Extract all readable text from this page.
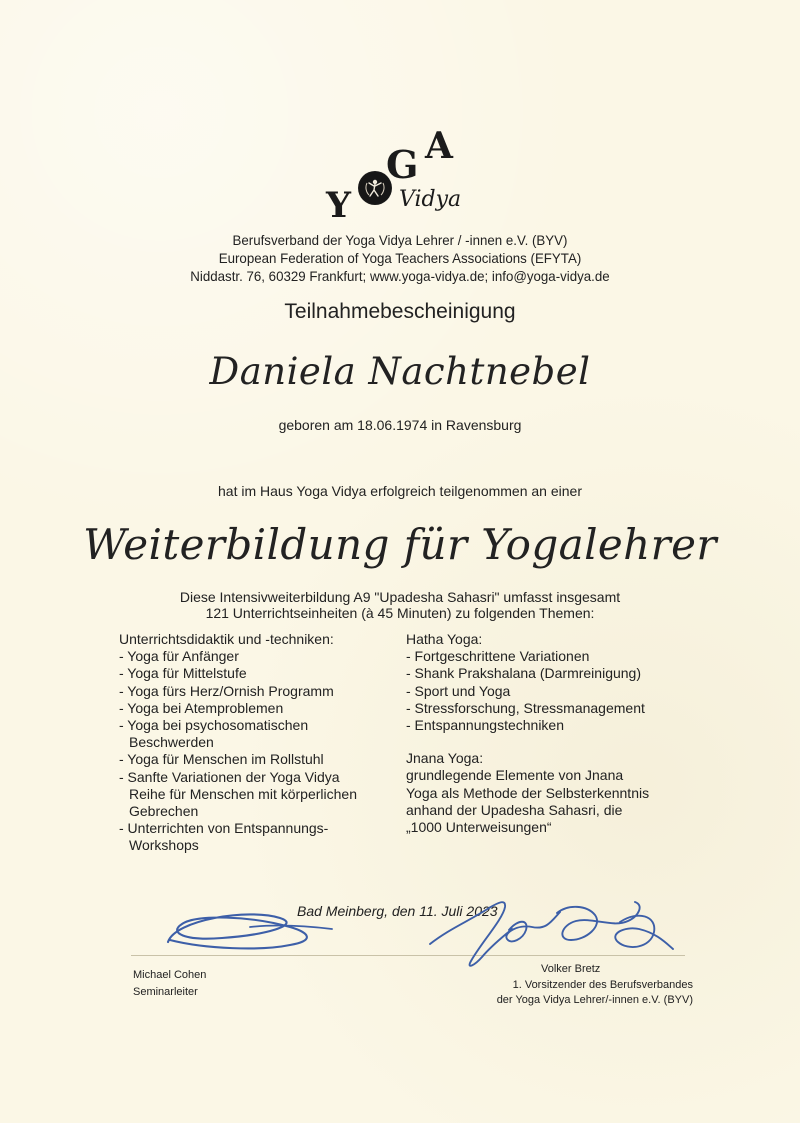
Y
G A
Vidya
Berufsverband der Yoga Vidya Lehrer / -innen e.V. (BYV)
European Federation of Yoga Teachers Associations (EFYTA)
Niddastr. 76, 60329 Frankfurt; www.yoga-vidya.de; info@yoga-vidya.de
Teilnahmebescheinigung
Daniela Nachtnebel
geboren am 18.06.1974 in Ravensburg
hat im Haus Yoga Vidya erfolgreich teilgenommen an einer
Weiterbildung für Yogalehrer
Diese Intensivweiterbildung A9 "Upadesha Sahasri" umfasst insgesamt
121 Unterrichtseinheiten (à 45 Minuten) zu folgenden Themen:
Unterrichtsdidaktik und -techniken:
- Yoga für Anfänger
- Yoga für Mittelstufe
- Yoga fürs Herz/Ornish Programm
- Yoga bei Atemproblemen
- Yoga bei psychosomatischen
Beschwerden
- Yoga für Menschen im Rollstuhl
- Sanfte Variationen der Yoga Vidya
Reihe für Menschen mit körperlichen
Gebrechen
- Unterrichten von Entspannungs-
Workshops
Hatha Yoga:
- Fortgeschrittene Variationen
- Shank Prakshalana (Darmreinigung)
- Sport und Yoga
- Stressforschung, Stressmanagement
- Entspannungstechniken
Jnana Yoga:
grundlegende Elemente von Jnana
Yoga als Methode der Selbsterkenntnis
anhand der Upadesha Sahasri, die
„1000 Unterweisungen“
Bad Meinberg, den 11. Juli 2023
Michael Cohen
Seminarleiter
Volker Bretz
1. Vorsitzender des Berufsverbandes
der Yoga Vidya Lehrer/-innen e.V. (BYV)
